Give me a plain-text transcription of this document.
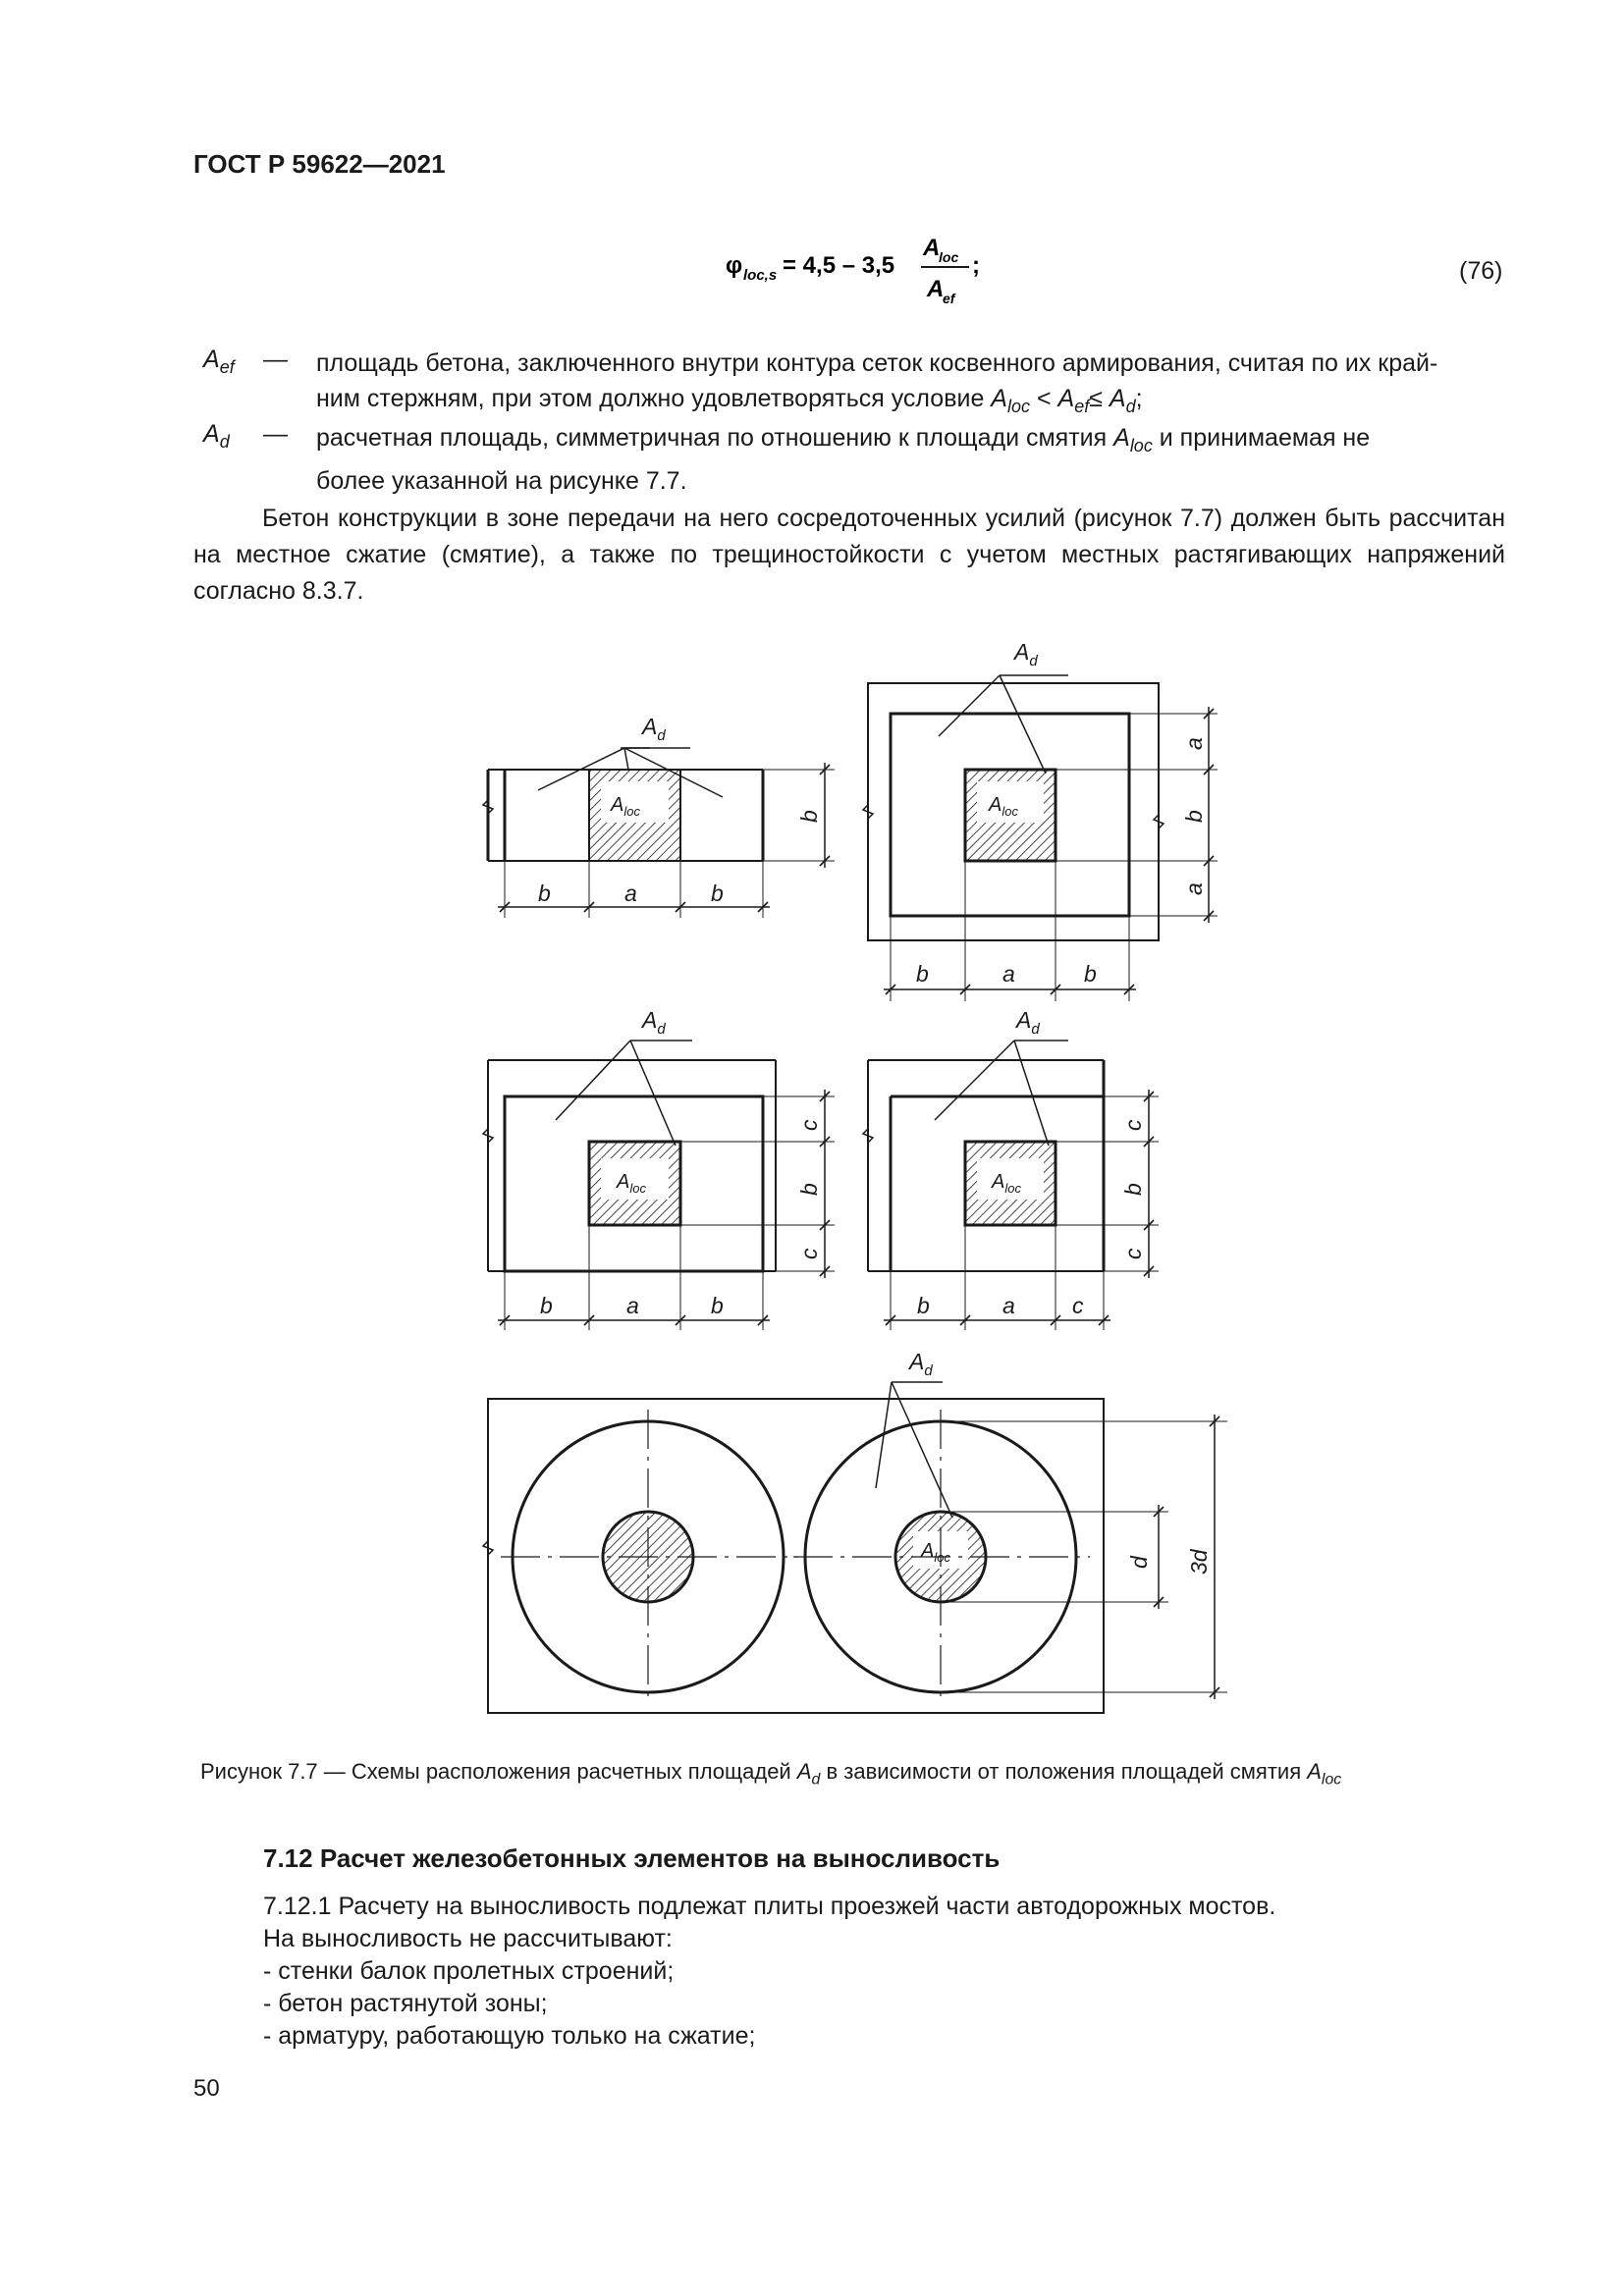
ГОСТ Р 59622—2021
φ loc,s = 4,5 – 3,5
A
loc
A
ef
;	(76)
$A_{ef}$ — площадь бетона, заключенного внутри контура сеток косвенного армирования, считая по их край-
ним стержням, при этом должно удовлетворяться условие $A_{loc} < A_{ef}\le A_d$;
$A_d$ — расчетная площадь, симметричная по отношению к площади смятия $A_{loc}$ и принимаемая не
более указанной на рисунке 7.7.
Бетон конструкции в зоне передачи на него сосредоточенных усилий (рисунок 7.7) должен быть рассчитан на местное сжатие (смятие), а также по трещиностойкости с учетом местных растягивающих напряжений согласно 8.3.7.
$A_d$
$A_d$
$A_d$	$A_d$
$A_d$
$A_{loc}$	$A_{loc}$
$A_{loc}$	$A_{loc}$
$A_{loc}$
b	a	b
b
b	a	b
a
b
a
b	a	b
c
b
c
b	a	c
c
b
c
d 3d
Рисунок 7.7 — Схемы расположения расчетных площадей $A_d$ в зависимости от положения площадей смятия $A_{loc}$
7.12 Расчет железобетонных элементов на выносливость
7.12.1 Расчету на выносливость подлежат плиты проезжей части автодорожных мостов.
На выносливость не рассчитывают:
- стенки балок пролетных строений;
- бетон растянутой зоны;
- арматуру, работающую только на сжатие;
50
